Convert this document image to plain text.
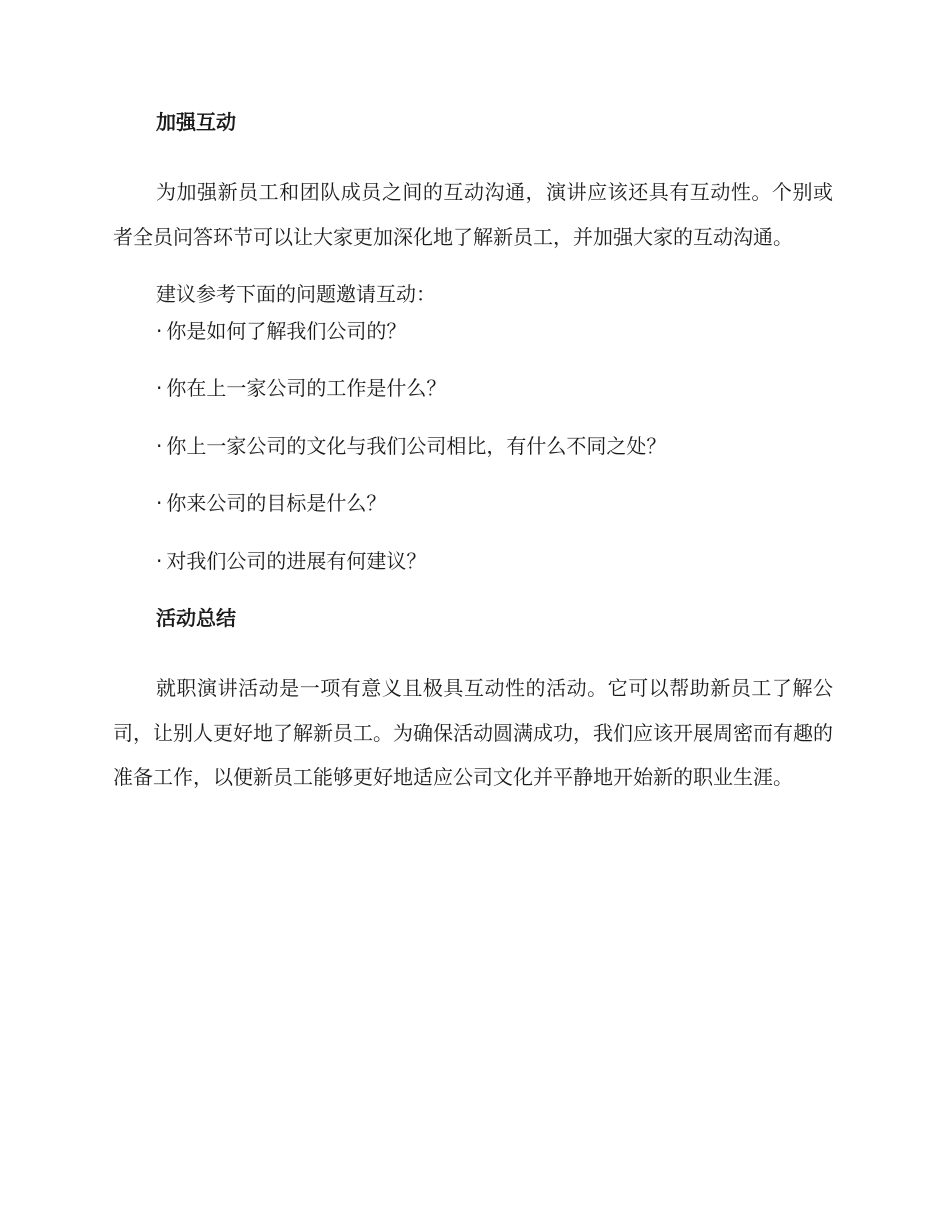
加强互动

为加强新员工和团队成员之间的互动沟通，演讲应该还具有互动性。个别或者全员问答环节可以让大家更加深化地了解新员工，并加强大家的互动沟通。

建议参考下面的问题邀请互动：

· 你是如何了解我们公司的？
· 你在上一家公司的工作是什么？
· 你上一家公司的文化与我们公司相比，有什么不同之处？
· 你来公司的目标是什么？
· 对我们公司的进展有何建议？
活动总结

就职演讲活动是一项有意义且极具互动性的活动。它可以帮助新员工了解公司，让别人更好地了解新员工。为确保活动圆满成功，我们应该开展周密而有趣的准备工作，以便新员工能够更好地适应公司文化并平静地开始新的职业生涯。
